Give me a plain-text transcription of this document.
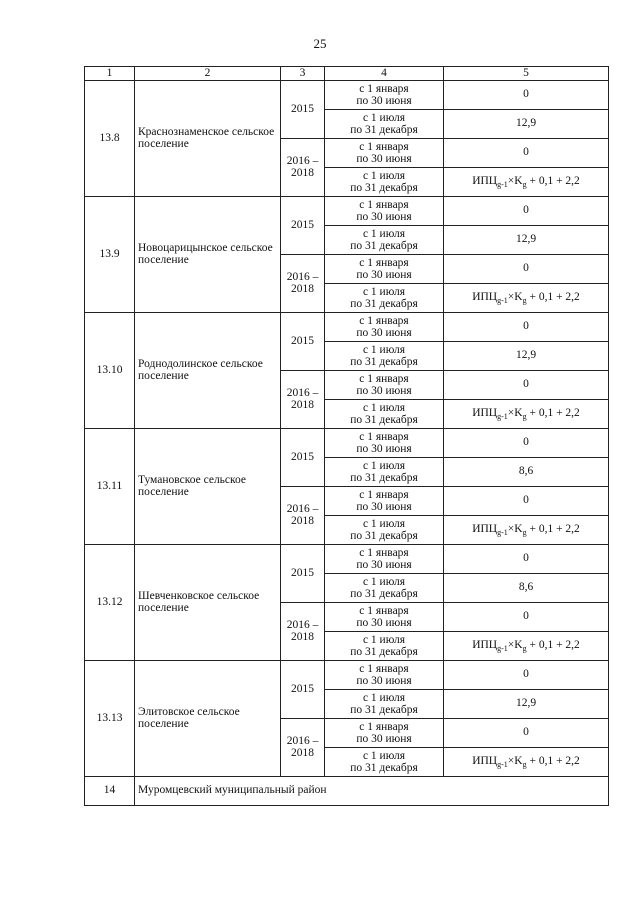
25
1	2	3	4	5
13.8	Краснознаменское сельское поселение	2015	с 1 января
по 30 июня	0

			с 1 июля
по 31 декабря	12,9
		2016 – 2018	с 1 января
по 30 июня	0

			с 1 июля
по 31 декабря	$ИПЦ_{g-1}\times K_g + 0,1 + 2,2$
13.9	Новоцарицынское сельское поселение	2015	с 1 января
по 30 июня	0

			с 1 июля
по 31 декабря	12,9
		2016 – 2018	с 1 января
по 30 июня	0

			с 1 июля
по 31 декабря	$ИПЦ_{g-1}\times K_g + 0,1 + 2,2$
13.10	Роднодолинское сельское поселение	2015	с 1 января
по 30 июня	0

			с 1 июля
по 31 декабря	12,9
		2016 – 2018	с 1 января
по 30 июня	0

			с 1 июля
по 31 декабря	$ИПЦ_{g-1}\times K_g + 0,1 + 2,2$
13.11	Тумановское сельское поселение	2015	с 1 января
по 30 июня	0

			с 1 июля
по 31 декабря	8,6
		2016 – 2018	с 1 января
по 30 июня	0

			с 1 июля
по 31 декабря	$ИПЦ_{g-1}\times K_g + 0,1 + 2,2$
13.12	Шевченковское сельское поселение	2015	с 1 января
по 30 июня	0

			с 1 июля
по 31 декабря	8,6
		2016 – 2018	с 1 января
по 30 июня	0

			с 1 июля
по 31 декабря	$ИПЦ_{g-1}\times K_g + 0,1 + 2,2$
13.13	Элитовское сельское поселение	2015	с 1 января
по 30 июня	0

			с 1 июля
по 31 декабря	12,9
		2016 – 2018	с 1 января
по 30 июня	0

			с 1 июля
по 31 декабря	$ИПЦ_{g-1}\times K_g + 0,1 + 2,2$
14	Муромцевский муниципальный район			
